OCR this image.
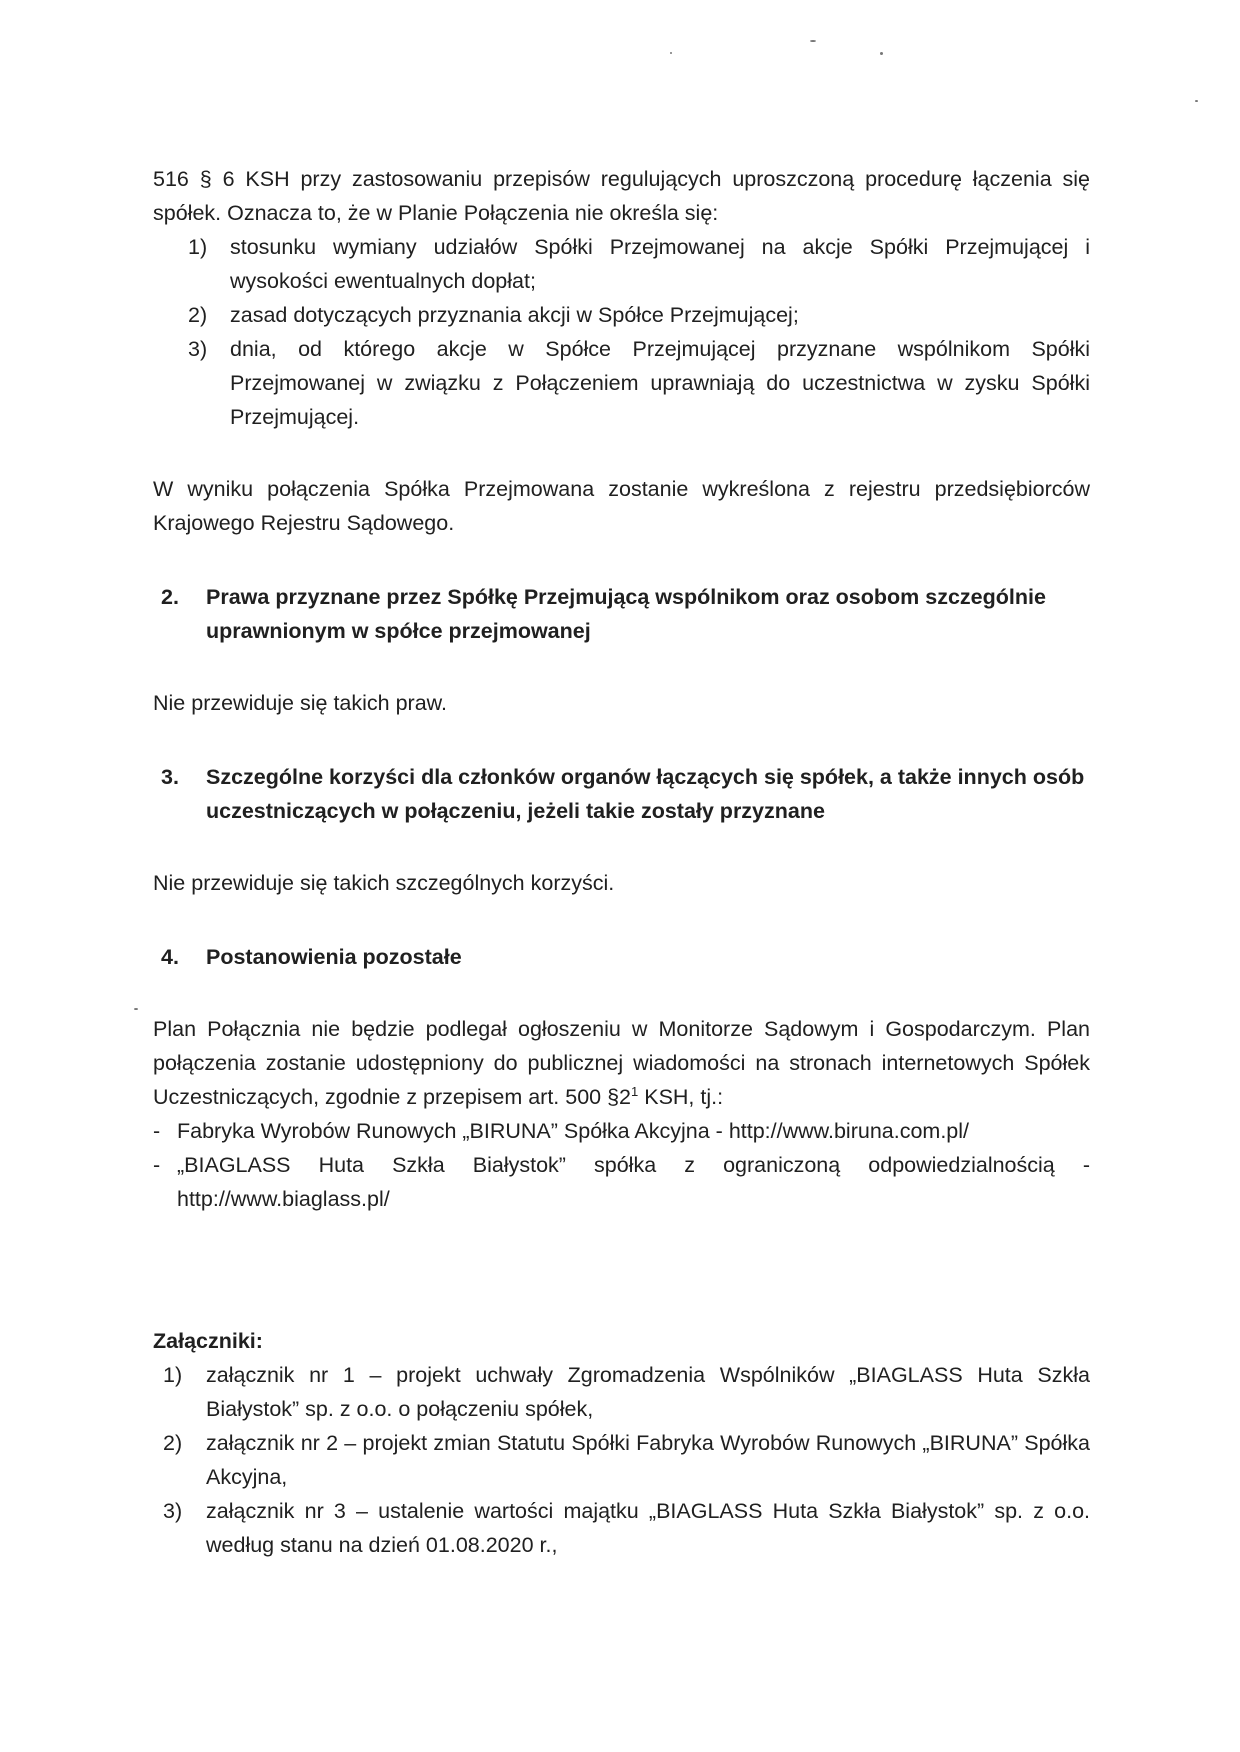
516 § 6 KSH przy zastosowaniu przepisów regulujących uproszczoną procedurę łączenia się spółek. Oznacza to, że w Planie Połączenia nie określa się:

1)	stosunku wymiany udziałów Spółki Przejmowanej na akcje Spółki Przejmującej i wysokości ewentualnych dopłat;
2)	zasad dotyczących przyznania akcji w Spółce Przejmującej;
3)	dnia, od którego akcje w Spółce Przejmującej przyznane wspólnikom Spółki Przejmowanej w związku z Połączeniem uprawniają do uczestnictwa w zysku Spółki Przejmującej.

W wyniku połączenia Spółka Przejmowana zostanie wykreślona z rejestru przedsiębiorców Krajowego Rejestru Sądowego.

2.	Prawa przyznane przez Spółkę Przejmującą wspólnikom oraz osobom szczególnie uprawnionym w spółce przejmowanej

Nie przewiduje się takich praw.

3.	Szczególne korzyści dla członków organów łączących się spółek, a także innych osób uczestniczących w połączeniu, jeżeli takie zostały przyznane

Nie przewiduje się takich szczególnych korzyści.

4.	Postanowienia pozostałe

Plan Połącznia nie będzie podlegał ogłoszeniu w Monitorze Sądowym i Gospodarczym. Plan połączenia zostanie udostępniony do publicznej wiadomości na stronach internetowych Spółek Uczestniczących, zgodnie z przepisem art. 500 $\S 2^1$ KSH, tj.:

- Fabryka Wyrobów Runowych „BIRUNA” Spółka Akcyjna - http://www.biruna.com.pl/

- „BIAGLASS Huta Szkła Białystok” spółka z ograniczoną odpowiedzialnością - http://www.biaglass.pl/

Załączniki:

1)	załącznik nr 1 – projekt uchwały Zgromadzenia Wspólników „BIAGLASS Huta Szkła Białystok” sp. z o.o. o połączeniu spółek,
2)	załącznik nr 2 – projekt zmian Statutu Spółki Fabryka Wyrobów Runowych „BIRUNA” Spółka Akcyjna,
3)	załącznik nr 3 – ustalenie wartości majątku „BIAGLASS Huta Szkła Białystok” sp. z o.o. według stanu na dzień 01.08.2020 r.,
